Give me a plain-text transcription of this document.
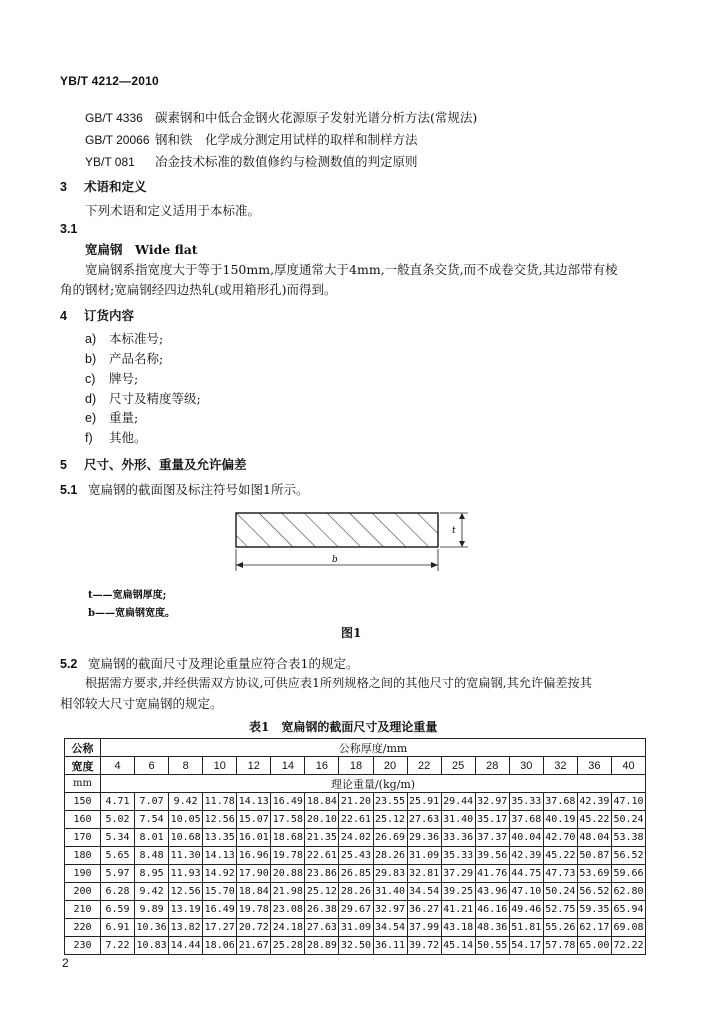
YB/T 4212—2010
GB/T 4336 碳素钢和中低合金钢火花源原子发射光谱分析方法(常规法)
GB/T 20066 钢和铁　化学成分测定用试样的取样和制样方法
YB/T 081 冶金技术标准的数值修约与检测数值的判定原则
3 术语和定义
下列术语和定义适用于本标准。
3.1
宽扁钢　Wide flat
宽扁钢系指宽度大于等于150mm,厚度通常大于4mm,一般直条交货,而不成卷交货,其边部带有棱
角的钢材;宽扁钢经四边热轧(或用箱形孔)而得到。
4 订货内容
a) 本标准号;
b) 产品名称;
c) 牌号;
d) 尺寸及精度等级;
e) 重量;
f) 其他。
5 尺寸、外形、重量及允许偏差
5.1 宽扁钢的截面图及标注符号如图1所示。
t
b
t——宽扁钢厚度;
b——宽扁钢宽度。
图1
5.2 宽扁钢的截面尺寸及理论重量应符合表1的规定。
根据需方要求,并经供需双方协议,可供应表1所列规格之间的其他尺寸的宽扁钢,其允许偏差按其
相邻较大尺寸宽扁钢的规定。
表1　宽扁钢的截面尺寸及理论重量
公称	公称厚度/mm															
宽度	4	6	8	10	12	14	16	18	20	22	25	28	30	32	36	40
mm	理论重量/(kg/m)															
150	4.71	7.07	9.42	11.78	14.13	16.49	18.84	21.20	23.55	25.91	29.44	32.97	35.33	37.68	42.39	47.10
160	5.02	7.54	10.05	12.56	15.07	17.58	20.10	22.61	25.12	27.63	31.40	35.17	37.68	40.19	45.22	50.24
170	5.34	8.01	10.68	13.35	16.01	18.68	21.35	24.02	26.69	29.36	33.36	37.37	40.04	42.70	48.04	53.38
180	5.65	8.48	11.30	14.13	16.96	19.78	22.61	25.43	28.26	31.09	35.33	39.56	42.39	45.22	50.87	56.52
190	5.97	8.95	11.93	14.92	17.90	20.88	23.86	26.85	29.83	32.81	37.29	41.76	44.75	47.73	53.69	59.66
200	6.28	9.42	12.56	15.70	18.84	21.98	25.12	28.26	31.40	34.54	39.25	43.96	47.10	50.24	56.52	62.80
210	6.59	9.89	13.19	16.49	19.78	23.08	26.38	29.67	32.97	36.27	41.21	46.16	49.46	52.75	59.35	65.94
220	6.91	10.36	13.82	17.27	20.72	24.18	27.63	31.09	34.54	37.99	43.18	48.36	51.81	55.26	62.17	69.08
230	7.22	10.83	14.44	18.06	21.67	25.28	28.89	32.50	36.11	39.72	45.14	50.55	54.17	57.78	65.00	72.22
2
